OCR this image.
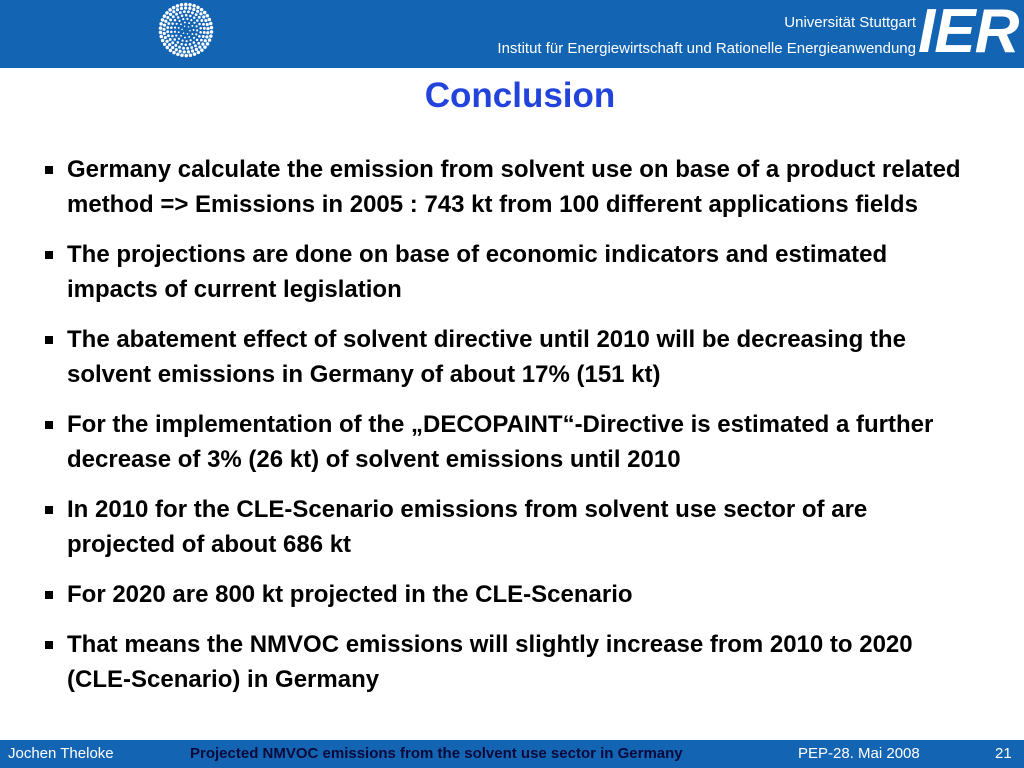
Universität Stuttgart
Institut für Energiewirtschaft und Rationelle Energieanwendung IER
Conclusion
Germany calculate the emission from solvent use on base of a product related method => Emissions in 2005 : 743 kt from 100 different applications fields
The projections are done on base of economic indicators and estimated impacts of current legislation
The abatement effect of solvent directive until 2010 will be decreasing the solvent emissions in Germany of about 17% (151 kt)
For the implementation of the „DECOPAINT“-Directive is estimated a further decrease of 3% (26 kt) of solvent emissions until 2010
In 2010 for the CLE-Scenario emissions from solvent use sector of are projected of about 686 kt
For 2020 are 800 kt projected in the CLE-Scenario
That means the NMVOC emissions will slightly increase from 2010 to 2020 (CLE-Scenario) in Germany
Jochen Theloke	Projected NMVOC emissions from the solvent use sector in Germany	PEP-28. Mai 2008	21
